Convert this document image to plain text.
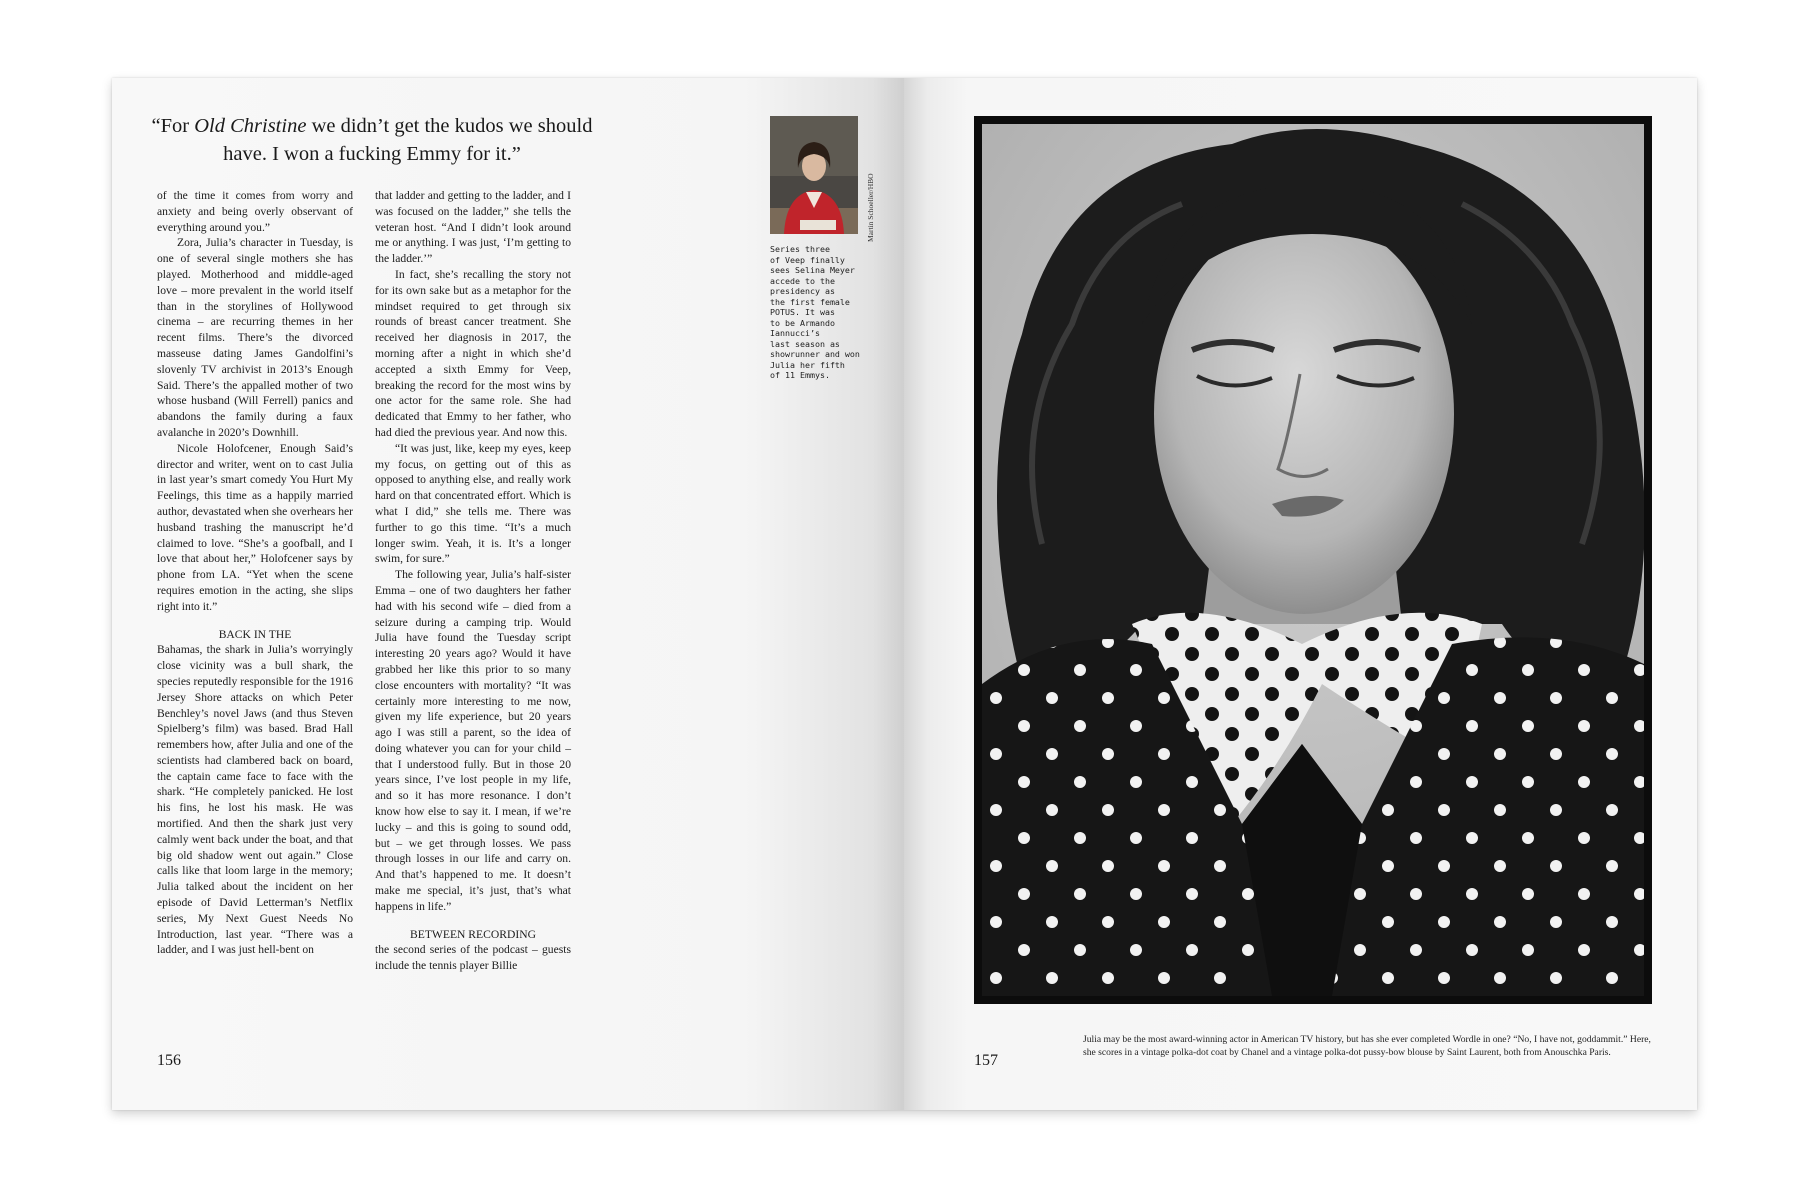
“For Old Christine we didn’t get the kudos we should have. I won a fucking Emmy for it.”

of the time it comes from worry and anxiety and being overly observant of everything around you.”

Zora, Julia’s character in Tuesday, is one of several single mothers she has played. Motherhood and middle-aged love – more prevalent in the world itself than in the storylines of Hollywood cinema – are recurring themes in her recent films. There’s the divorced masseuse dating James Gandolfini’s slovenly TV archivist in 2013’s Enough Said. There’s the appalled mother of two whose husband (Will Ferrell) panics and abandons the family during a faux avalanche in 2020’s Downhill.

Nicole Holofcener, Enough Said’s director and writer, went on to cast Julia in last year’s smart comedy You Hurt My Feelings, this time as a happily married author, devastated when she overhears her husband trashing the manuscript he’d claimed to love. “She’s a goofball, and I love that about her,” Holofcener says by phone from LA. “Yet when the scene requires emotion in the acting, she slips right into it.”

BACK IN THE

Bahamas, the shark in Julia’s worryingly close vicinity was a bull shark, the species reputedly responsible for the 1916 Jersey Shore attacks on which Peter Benchley’s novel Jaws (and thus Steven Spielberg’s film) was based. Brad Hall remembers how, after Julia and one of the scientists had clambered back on board, the captain came face to face with the shark. “He completely panicked. He lost his fins, he lost his mask. He was mortified. And then the shark just very calmly went back under the boat, and that big old shadow went out again.” Close calls like that loom large in the memory; Julia talked about the incident on her episode of David Letterman’s Netflix series, My Next Guest Needs No Introduction, last year. “There was a ladder, and I was just hell-bent on

that ladder and getting to the ladder, and I was focused on the ladder,” she tells the veteran host. “And I didn’t look around me or anything. I was just, ‘I’m getting to the ladder.’”

In fact, she’s recalling the story not for its own sake but as a metaphor for the mindset required to get through six rounds of breast cancer treatment. She received her diagnosis in 2017, the morning after a night in which she’d accepted a sixth Emmy for Veep, breaking the record for the most wins by one actor for the same role. She had dedicated that Emmy to her father, who had died the previous year. And now this.

“It was just, like, keep my eyes, keep my focus, on getting out of this as opposed to anything else, and really work hard on that concentrated effort. Which is what I did,” she tells me. There was further to go this time. “It’s a much longer swim. Yeah, it is. It’s a longer swim, for sure.”

The following year, Julia’s half-sister Emma – one of two daughters her father had with his second wife – died from a seizure during a camping trip. Would Julia have found the Tuesday script interesting 20 years ago? Would it have grabbed her like this prior to so many close encounters with mortality? “It was certainly more interesting to me now, given my life experience, but 20 years ago I was still a parent, so the idea of doing whatever you can for your child – that I understood fully. But in those 20 years since, I’ve lost people in my life, and so it has more resonance. I don’t know how else to say it. I mean, if we’re lucky – and this is going to sound odd, but – we get through losses. We pass through losses in our life and carry on. And that’s happened to me. It doesn’t make me special, it’s just, that’s what happens in life.”

BETWEEN RECORDING

the second series of the podcast – guests include the tennis player Billie

156	157
Martin Schoeller/HBO
Series three
of Veep finally
sees Selina Meyer
accede to the
presidency as
the first female
POTUS. It was
to be Armando
Iannucci’s
last season as
showrunner and won
Julia her fifth
of 11 Emmys.
Julia may be the most award-winning actor in American TV history, but has she ever completed Wordle in one? “No, I have not, goddammit.” Here, she scores in a vintage polka-dot coat by Chanel and a vintage polka-dot pussy-bow blouse by Saint Laurent, both from Anouschka Paris.
